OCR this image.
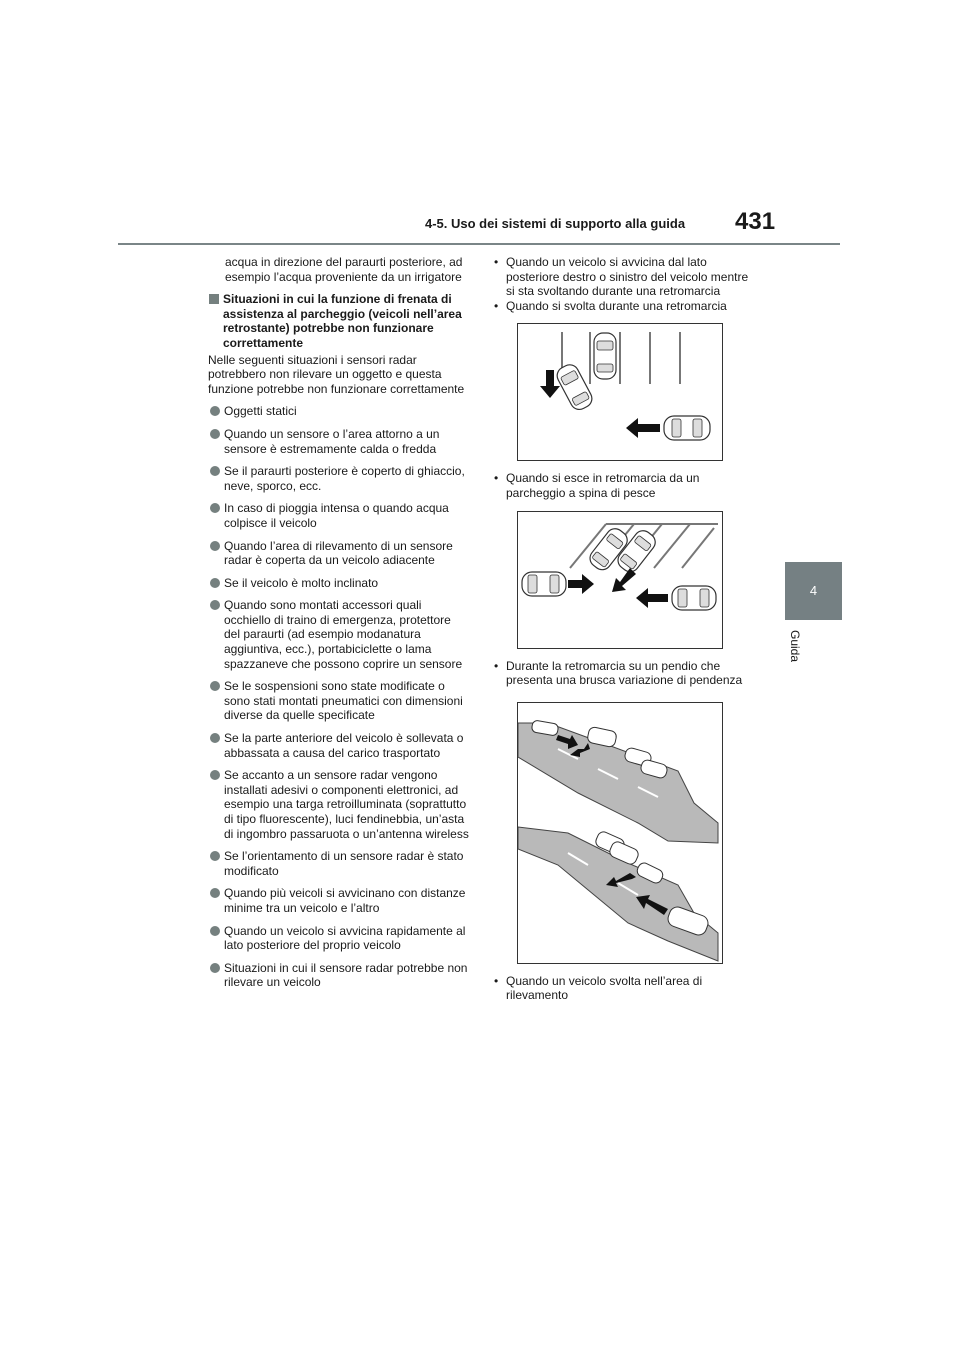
4-5. Uso dei sistemi di supporto alla guida 431
4
Guida

acqua in direzione del paraurti posteriore, ad esempio l’acqua proveniente da un irrigatore

Situazioni in cui la funzione di frenata di assistenza al parcheggio (veicoli nell’area retrostante) potrebbe non funzionare correttamente

Nelle seguenti situazioni i sensori radar potrebbero non rilevare un oggetto e questa funzione potrebbe non funzionare correttamente

Oggetti statici
Quando un sensore o l’area attorno a un sensore è estremamente calda o fredda
Se il paraurti posteriore è coperto di ghiaccio, neve, sporco, ecc.
In caso di pioggia intensa o quando acqua colpisce il veicolo
Quando l’area di rilevamento di un sensore radar è coperta da un veicolo adiacente
Se il veicolo è molto inclinato
Quando sono montati accessori quali occhiello di traino di emergenza, protettore del paraurti (ad esempio modanatura aggiuntiva, ecc.), portabiciclette o lama spazzaneve che possono coprire un sensore
Se le sospensioni sono state modificate o sono stati montati pneumatici con dimensioni diverse da quelle specificate
Se la parte anteriore del veicolo è sollevata o abbassata a causa del carico trasportato
Se accanto a un sensore radar vengono installati adesivi o componenti elettronici, ad esempio una targa retroilluminata (soprattutto di tipo fluorescente), luci fendinebbia, un’asta di ingombro passaruota o un’antenna wireless
Se l’orientamento di un sensore radar è stato modificato
Quando più veicoli si avvicinano con distanze minime tra un veicolo e l’altro
Quando un veicolo si avvicina rapidamente al lato posteriore del proprio veicolo
Situazioni in cui il sensore radar potrebbe non rilevare un veicolo

• Quando un veicolo si avvicina dal lato posteriore destro o sinistro del veicolo mentre si sta svoltando durante una retromarcia

• Quando si svolta durante una retromarcia

• Quando si esce in retromarcia da un parcheggio a spina di pesce

• Durante la retromarcia su un pendio che presenta una brusca variazione di pendenza

• Quando un veicolo svolta nell’area di rilevamento
